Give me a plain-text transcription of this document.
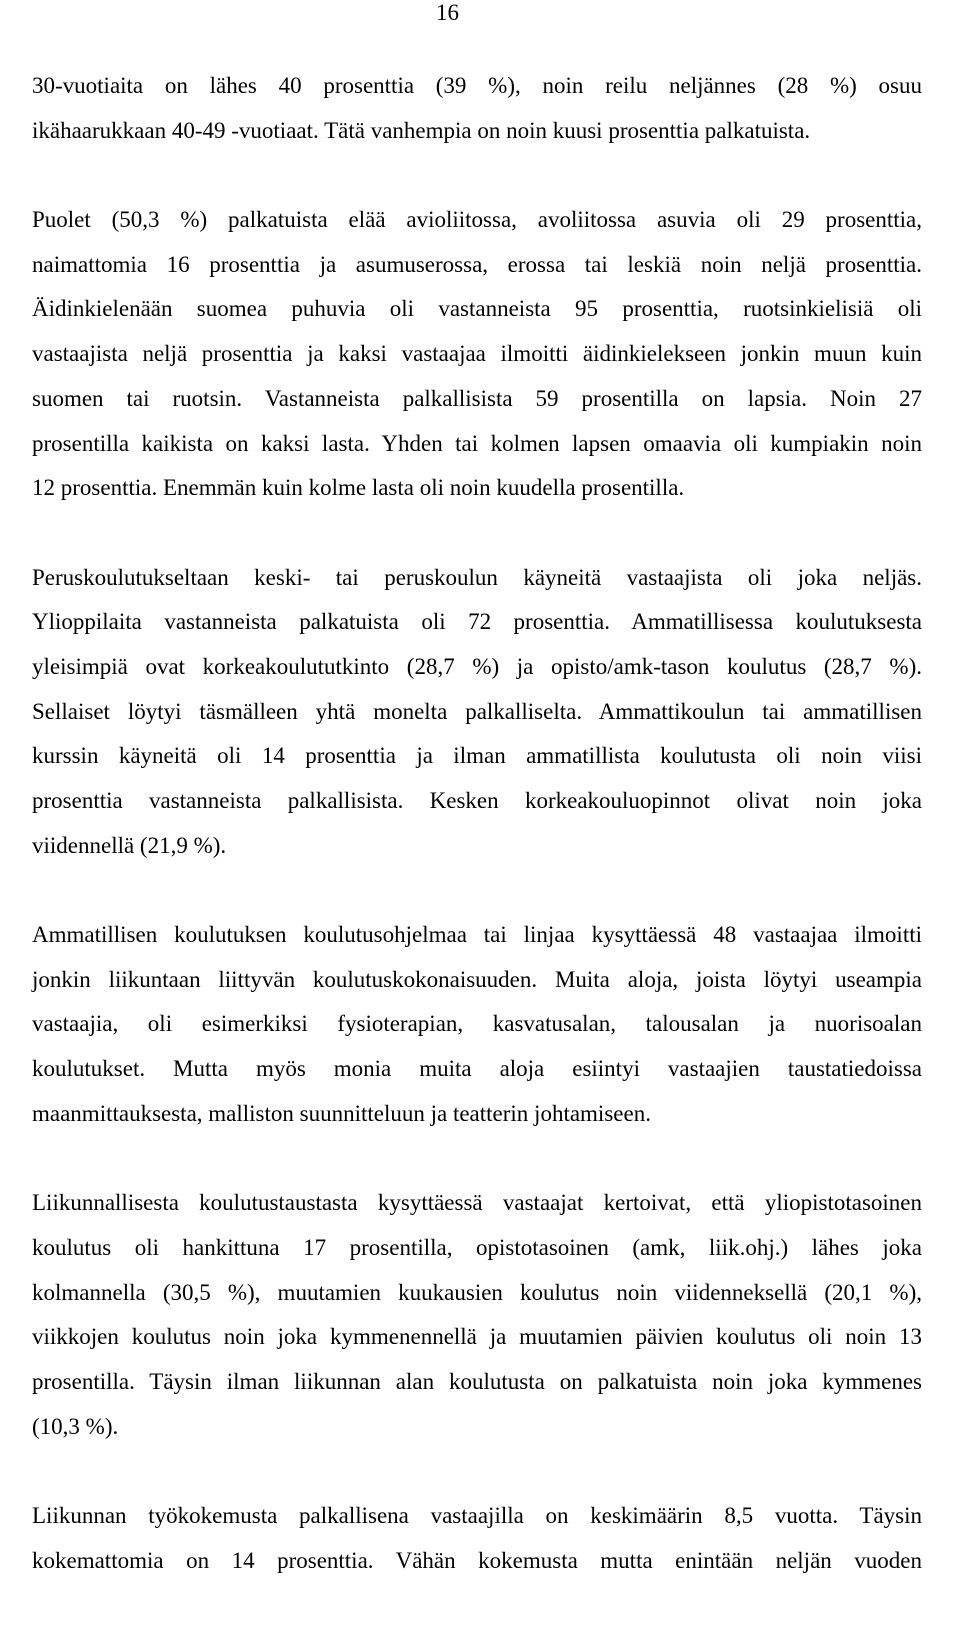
16
30-vuotiaita on lähes 40 prosenttia (39 %), noin reilu neljännes (28 %) osuu
ikähaarukkaan 40-49 -vuotiaat. Tätä vanhempia on noin kuusi prosenttia palkatuista.
Puolet (50,3 %) palkatuista elää avioliitossa, avoliitossa asuvia oli 29 prosenttia,
naimattomia 16 prosenttia ja asumuserossa, erossa tai leskiä noin neljä prosenttia.
Äidinkielenään suomea puhuvia oli vastanneista 95 prosenttia, ruotsinkielisiä oli
vastaajista neljä prosenttia ja kaksi vastaajaa ilmoitti äidinkielekseen jonkin muun kuin
suomen tai ruotsin. Vastanneista palkallisista 59 prosentilla on lapsia. Noin 27
prosentilla kaikista on kaksi lasta. Yhden tai kolmen lapsen omaavia oli kumpiakin noin
12 prosenttia. Enemmän kuin kolme lasta oli noin kuudella prosentilla.
Peruskoulutukseltaan keski- tai peruskoulun käyneitä vastaajista oli joka neljäs.
Ylioppilaita vastanneista palkatuista oli 72 prosenttia. Ammatillisessa koulutuksesta
yleisimpiä ovat korkeakoulututkinto (28,7 %) ja opisto/amk-tason koulutus (28,7 %).
Sellaiset löytyi täsmälleen yhtä monelta palkalliselta. Ammattikoulun tai ammatillisen
kurssin käyneitä oli 14 prosenttia ja ilman ammatillista koulutusta oli noin viisi
prosenttia vastanneista palkallisista. Kesken korkeakouluopinnot olivat noin joka
viidennellä (21,9 %).
Ammatillisen koulutuksen koulutusohjelmaa tai linjaa kysyttäessä 48 vastaajaa ilmoitti
jonkin liikuntaan liittyvän koulutuskokonaisuuden. Muita aloja, joista löytyi useampia
vastaajia, oli esimerkiksi fysioterapian, kasvatusalan, talousalan ja nuorisoalan
koulutukset. Mutta myös monia muita aloja esiintyi vastaajien taustatiedoissa
maanmittauksesta, malliston suunnitteluun ja teatterin johtamiseen.
Liikunnallisesta koulutustaustasta kysyttäessä vastaajat kertoivat, että yliopistotasoinen
koulutus oli hankittuna 17 prosentilla, opistotasoinen (amk, liik.ohj.) lähes joka
kolmannella (30,5 %), muutamien kuukausien koulutus noin viidenneksellä (20,1 %),
viikkojen koulutus noin joka kymmenennellä ja muutamien päivien koulutus oli noin 13
prosentilla. Täysin ilman liikunnan alan koulutusta on palkatuista noin joka kymmenes
(10,3 %).
Liikunnan työkokemusta palkallisena vastaajilla on keskimäärin 8,5 vuotta. Täysin
kokemattomia on 14 prosenttia. Vähän kokemusta mutta enintään neljän vuoden
